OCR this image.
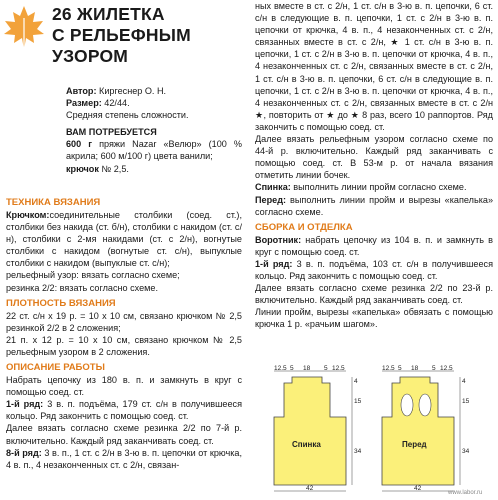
26 ЖИЛЕТКА
С РЕЛЬЕФНЫМ
УЗОРОМ

Автор: Киргеснер О. Н.

Размер: 42/44.

Средняя степень сложности.

ВАМ ПОТРЕБУЕТСЯ

600 г пряжи Nazar «Велюр» (100 % акрила; 600 м/100 г) цвета ванили;

крючок № 2,5.

ТЕХНИКА ВЯЗАНИЯ

Крючком:соединительные столбики (соед. ст.), столбики без накида (ст. б/н), столбики с накидом (ст. с/н), столбики с 2-мя накидами (ст. с 2/н), вогнутые столбики с накидом (вогнутые ст. с/н), выпуклые столбики с накидом (выпуклые ст. с/н);

рельефный узор: вязать согласно схеме;

резинка 2/2: вязать согласно схеме.

ПЛОТНОСТЬ ВЯЗАНИЯ

22 ст. с/н х 19 р. = 10 х 10 см, связано крючком № 2,5 резинкой 2/2 в 2 сложения;

21 п. х 12 р. = 10 х 10 см, связано крючком № 2,5 рельефным узором в 2 сложения.

ОПИСАНИЕ РАБОТЫ

Набрать цепочку из 180 в. п. и замкнуть в круг с помощью соед. ст.

1-й ряд: 3 в. п. подъёма, 179 ст. с/н в получившееся кольцо. Ряд закончить с помощью соед. ст.

Далее вязать согласно схеме резинка 2/2 по 7-й р. включительно. Каждый ряд заканчивать соед. ст.

8-й ряд: 3 в. п., 1 ст. с 2/н в 3-ю в. п. цепочки от крючка, 4 в. п., 4 незаконченных ст. с 2/н, связан-

ных вместе в ст. с 2/н, 1 ст. с/н в 3-ю в. п. цепочки, 6 ст. с/н в следующие в. п. цепочки, 1 ст. с 2/н в 3-ю в. п. цепочки от крючка, 4 в. п., 4 незаконченных ст. с 2/н, связанных вместе в ст. с 2/н, ★ 1 ст. с/н в 3-ю в. п. цепочки, 1 ст. с 2/н в 3-ю в. п. цепочки от крючка, 4 в. п., 4 незаконченных ст. с 2/н, связанных вместе в ст. с 2/н, 1 ст. с/н в 3-ю в. п. цепочки, 6 ст. с/н в следующие в. п. цепочки, 1 ст. с 2/н в 3-ю в. п. цепочки от крючка, 4 в. п., 4 незаконченных ст. с 2/н, связанных вместе в ст. с 2/н ★, повторить от ★ до ★ 8 раз, всего 10 раппортов. Ряд закончить с помощью соед. ст.

Далее вязать рельефным узором согласно схеме по 44-й р. включительно. Каждый ряд заканчивать с помощью соед. ст. В 53-м р. от начала вязания отметить линии бочек.

Спинка: выполнить линии пройм согласно схеме.

Перед: выполнить линии пройм и вырезы «капелька» согласно схеме.

СБОРКА И ОТДЕЛКА

Воротник: набрать цепочку из 104 в. п. и замкнуть в круг с помощью соед. ст.

1-й ряд: 3 в. п. подъёма, 103 ст. с/н в получившееся кольцо. Ряд закончить с помощью соед. ст.

Далее вязать согласно схеме резинка 2/2 по 23-й р. включительно. Каждый ряд заканчивать соед. ст.

Линии пройм, вырезы «капелька» обвязать с помощью крючка 1 р. «рачьим шагом».

12.5 5 18 5 12.5
4
15
34
42
Спинка
12.5 5 18 5 12.5
4
15
34
42
Перед
www.labor.ru
